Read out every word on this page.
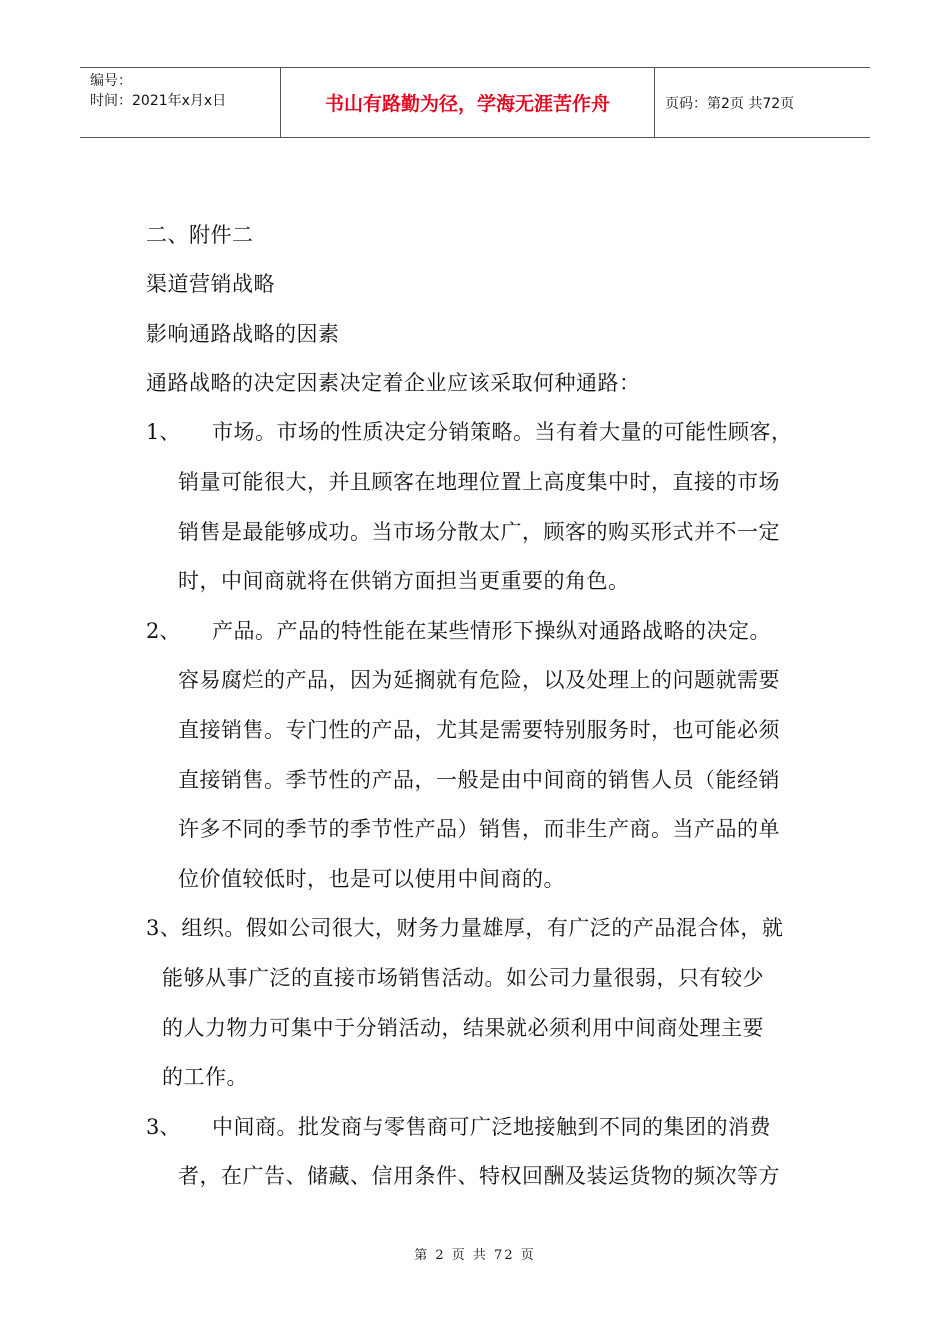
编号：
时间：2021年x月x日	书山有路勤为径，学海无涯苦作舟	页码：第2页 共72页
二、附件二
渠道营销战略
影响通路战略的因素
通路战略的决定因素决定着企业应该采取何种通路：
1、 市场。市场的性质决定分销策略。当有着大量的可能性顾客，
销量可能很大，并且顾客在地理位置上高度集中时，直接的市场
销售是最能够成功。当市场分散太广，顾客的购买形式并不一定
时，中间商就将在供销方面担当更重要的角色。
2、 产品。产品的特性能在某些情形下操纵对通路战略的决定。
容易腐烂的产品，因为延搁就有危险，以及处理上的问题就需要
直接销售。专门性的产品，尤其是需要特别服务时，也可能必须
直接销售。季节性的产品，一般是由中间商的销售人员（能经销
许多不同的季节的季节性产品）销售，而非生产商。当产品的单
位价值较低时，也是可以使用中间商的。
3、组织。假如公司很大，财务力量雄厚，有广泛的产品混合体，就
能够从事广泛的直接市场销售活动。如公司力量很弱，只有较少
的人力物力可集中于分销活动，结果就必须利用中间商处理主要
的工作。
3、 中间商。批发商与零售商可广泛地接触到不同的集团的消费
者，在广告、储藏、信用条件、特权回酬及装运货物的频次等方
第 2 页 共 72 页
